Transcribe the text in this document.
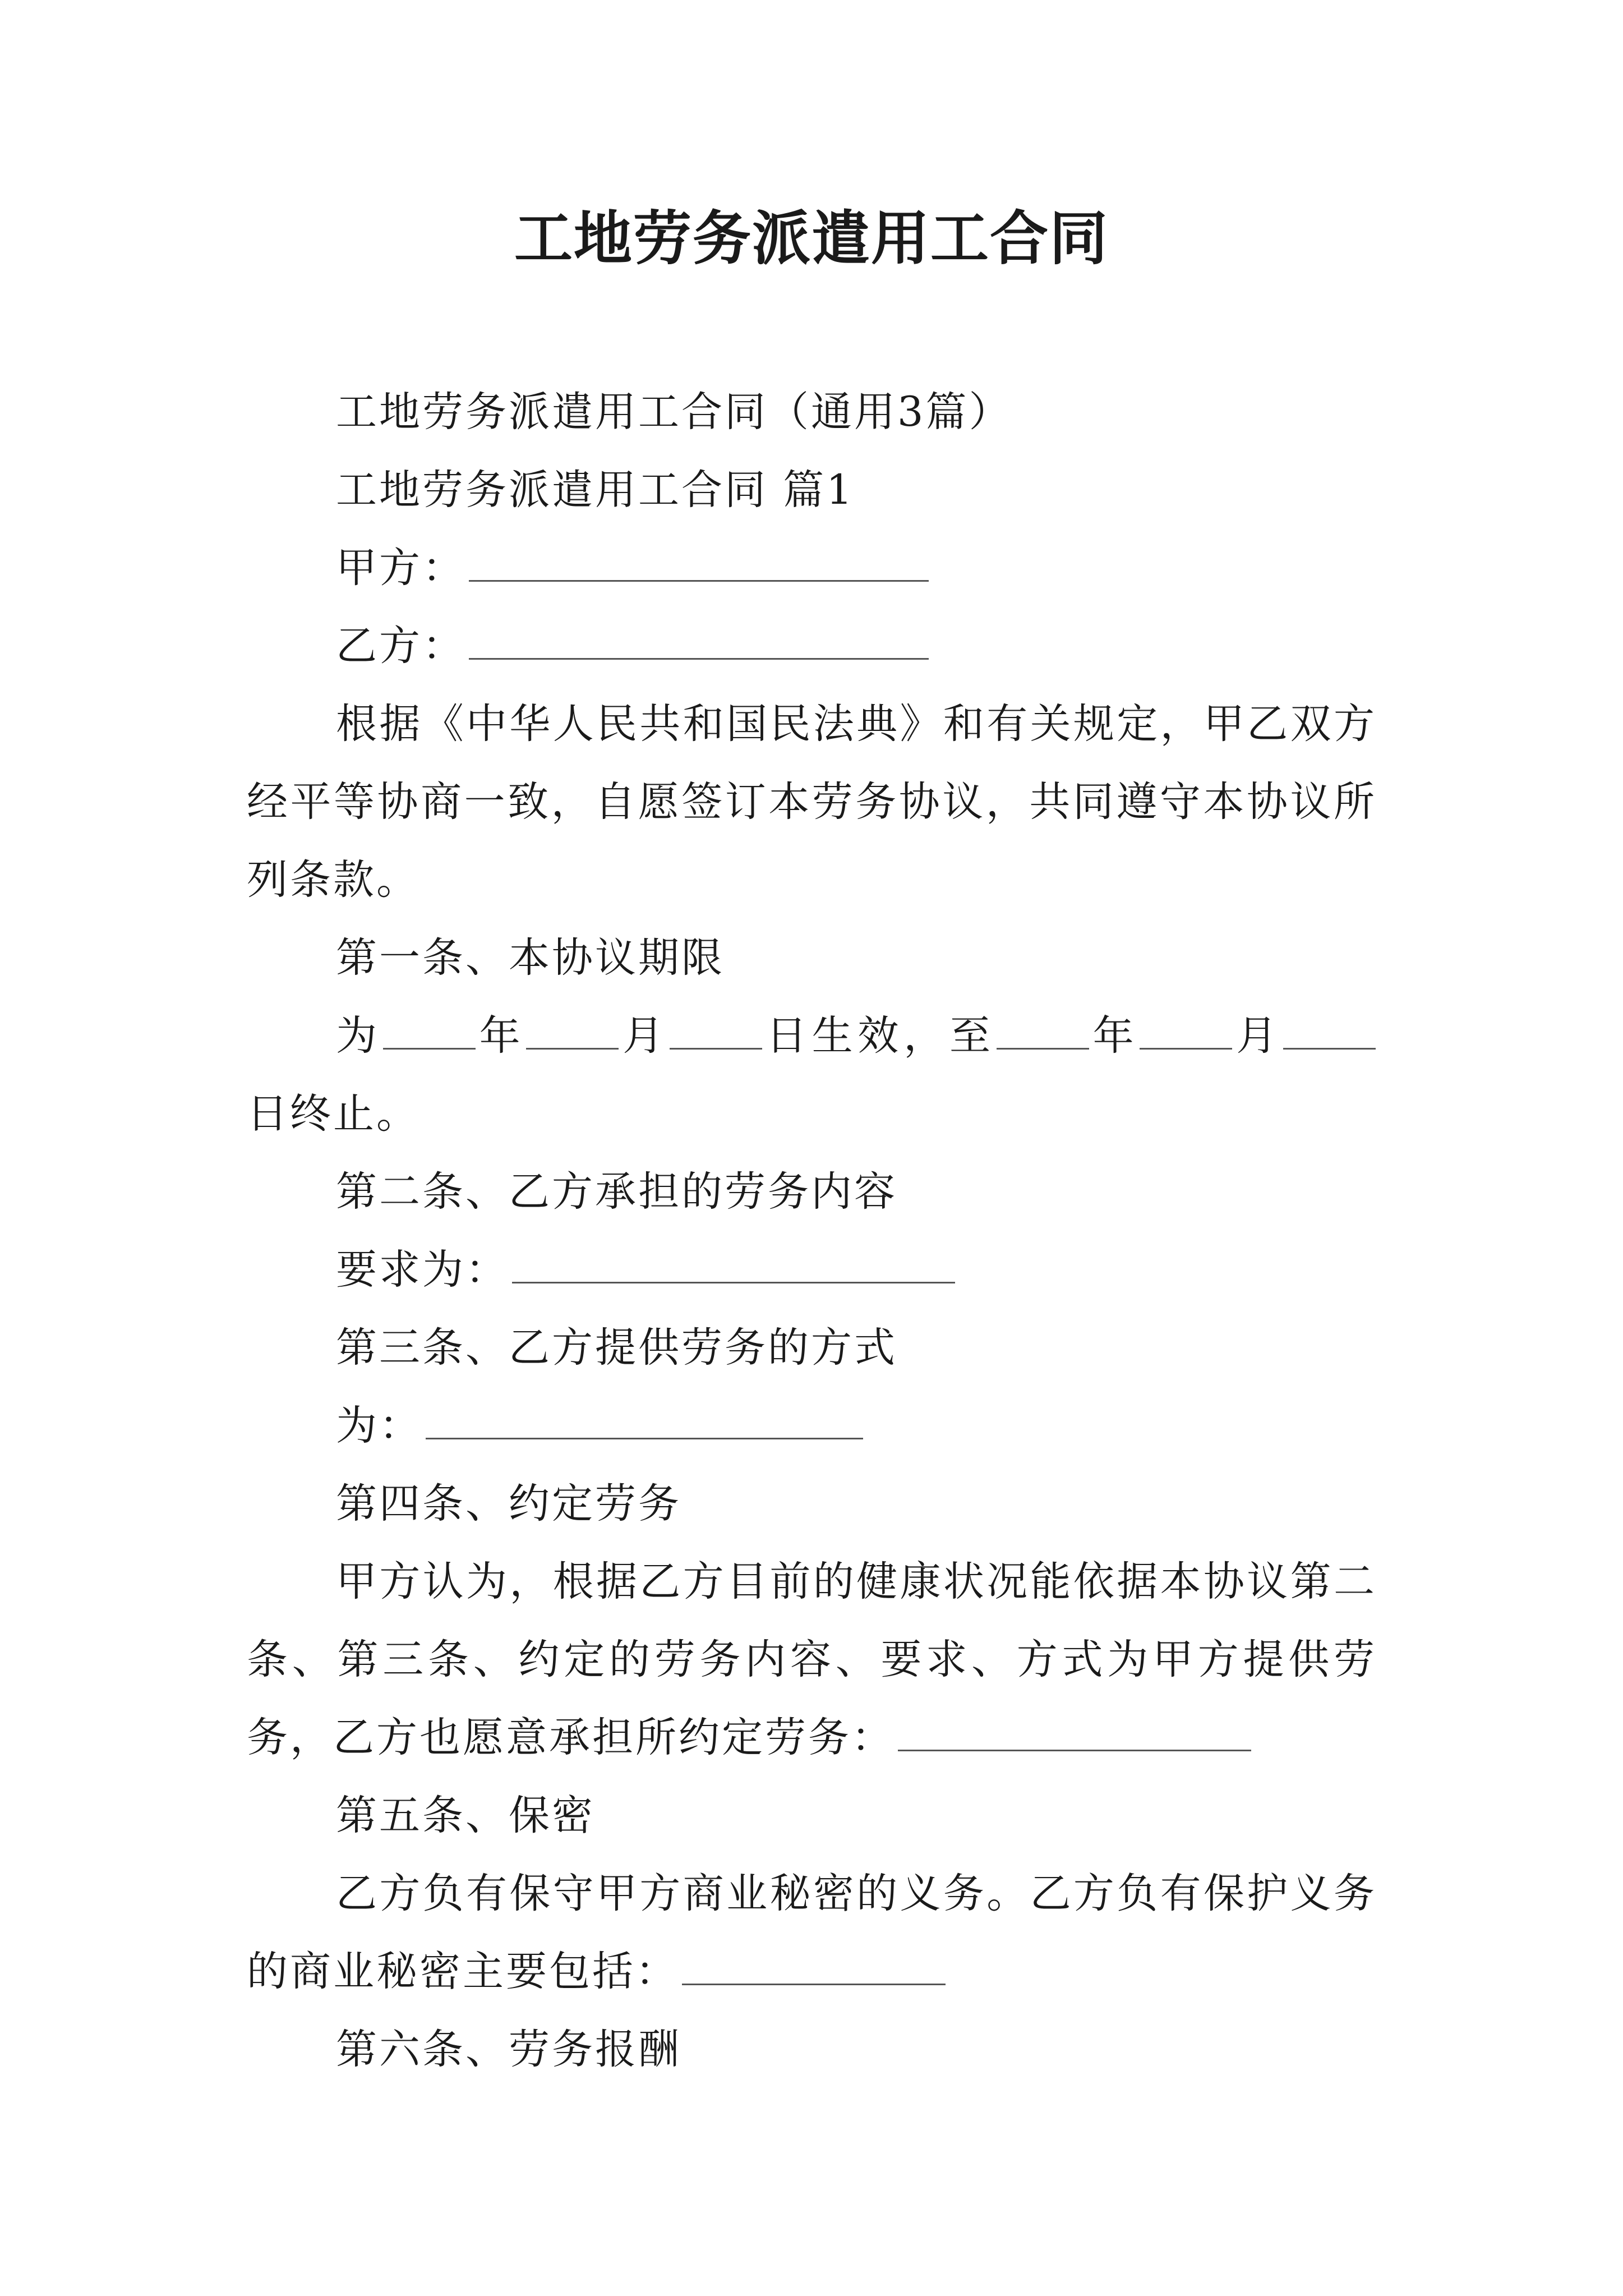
工地劳务派遣用工合同

工地劳务派遣用工合同（通用3篇）

工地劳务派遣用工合同 篇1

甲方：

乙方：

根据《中华人民共和国民法典》和有关规定，甲乙双方经平等协商一致，自愿签订本劳务协议，共同遵守本协议所列条款。

第一条、本协议期限

为 年 月 日生效，至 年 月日终止。

第二条、乙方承担的劳务内容

要求为：

第三条、乙方提供劳务的方式

为：

第四条、约定劳务

甲方认为，根据乙方目前的健康状况能依据本协议第二条、第三条、约定的劳务内容、要求、方式为甲方提供劳务，乙方也愿意承担所约定劳务：

第五条、保密

乙方负有保守甲方商业秘密的义务。乙方负有保护义务的商业秘密主要包括：

第六条、劳务报酬
